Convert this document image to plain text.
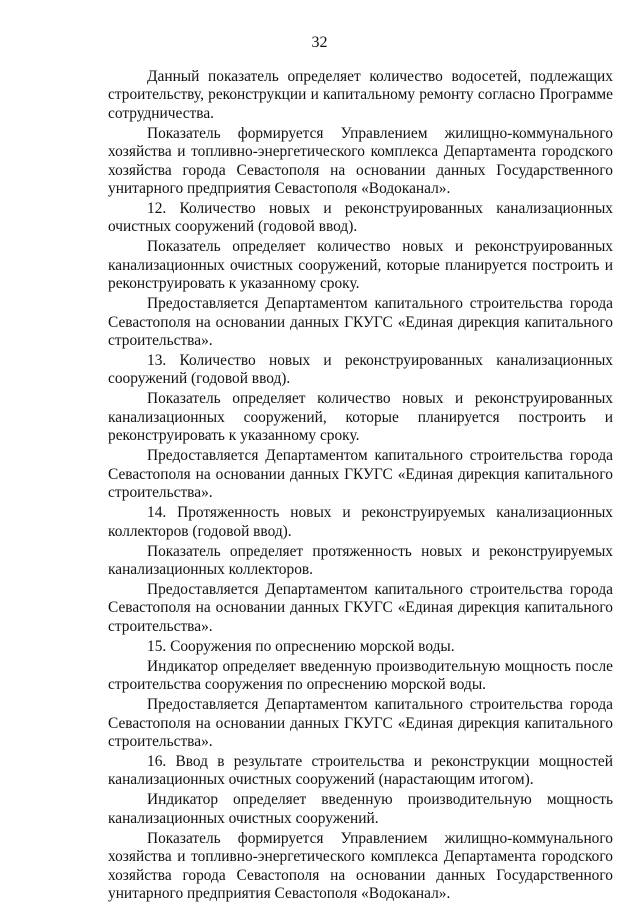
32

Данный показатель определяет количество водосетей, подлежащих строительству, реконструкции и капитальному ремонту согласно Программе сотрудничества.

Показатель формируется Управлением жилищно-коммунального хозяйства и топливно-энергетического комплекса Департамента городского хозяйства города Севастополя на основании данных Государственного унитарного предприятия Севастополя «Водоканал».

12. Количество новых и реконструированных канализационных очистных сооружений (годовой ввод).

Показатель определяет количество новых и реконструированных канализационных очистных сооружений, которые планируется построить и реконструировать к указанному сроку.

Предоставляется Департаментом капитального строительства города Севастополя на основании данных ГКУГС «Единая дирекция капитального строительства».

13. Количество новых и реконструированных канализационных сооружений (годовой ввод).

Показатель определяет количество новых и реконструированных канализационных сооружений, которые планируется построить и реконструировать к указанному сроку.

Предоставляется Департаментом капитального строительства города Севастополя на основании данных ГКУГС «Единая дирекция капитального строительства».

14. Протяженность новых и реконструируемых канализационных коллекторов (годовой ввод).

Показатель определяет протяженность новых и реконструируемых канализационных коллекторов.

Предоставляется Департаментом капитального строительства города Севастополя на основании данных ГКУГС «Единая дирекция капитального строительства».

15. Сооружения по опреснению морской воды.

Индикатор определяет введенную производительную мощность после строительства сооружения по опреснению морской воды.

Предоставляется Департаментом капитального строительства города Севастополя на основании данных ГКУГС «Единая дирекция капитального строительства».

16. Ввод в результате строительства и реконструкции мощностей канализационных очистных сооружений (нарастающим итогом).

Индикатор определяет введенную производительную мощность канализационных очистных сооружений.

Показатель формируется Управлением жилищно-коммунального хозяйства и топливно-энергетического комплекса Департамента городского хозяйства города Севастополя на основании данных Государственного унитарного предприятия Севастополя «Водоканал».
